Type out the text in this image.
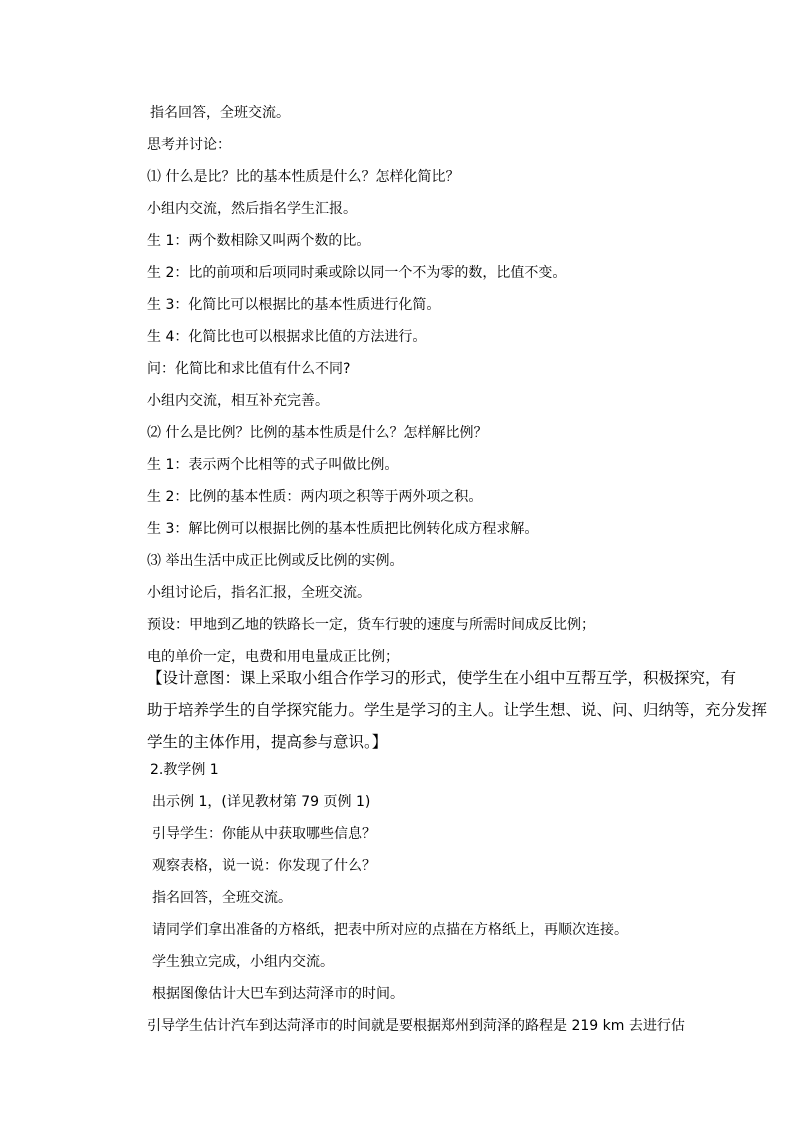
指名回答，全班交流。
思考并讨论：
⑴ 什么是比？比的基本性质是什么？怎样化简比？
小组内交流，然后指名学生汇报。
生 1：两个数相除又叫两个数的比。
生 2：比的前项和后项同时乘或除以同一个不为零的数，比值不变。
生 3：化简比可以根据比的基本性质进行化简。
生 4：化简比也可以根据求比值的方法进行。
问：化简比和求比值有什么不同?
小组内交流，相互补充完善。
⑵ 什么是比例？比例的基本性质是什么？怎样解比例？
生 1：表示两个比相等的式子叫做比例。
生 2：比例的基本性质：两内项之积等于两外项之积。
生 3：解比例可以根据比例的基本性质把比例转化成方程求解。
⑶ 举出生活中成正比例或反比例的实例。
小组讨论后，指名汇报，全班交流。
预设：甲地到乙地的铁路长一定，货车行驶的速度与所需时间成反比例；
电的单价一定，电费和用电量成正比例；
【设计意图：课上采取小组合作学习的形式，使学生在小组中互帮互学，积极探究，有
助于培养学生的自学探究能力。学生是学习的主人。让学生想、说、问、归纳等，充分发挥
学生的主体作用，提高参与意识。】
2.教学例 1
出示例 1，(详见教材第 79 页例 1)
引导学生：你能从中获取哪些信息？
观察表格，说一说：你发现了什么？
指名回答，全班交流。
请同学们拿出准备的方格纸，把表中所对应的点描在方格纸上，再顺次连接。
学生独立完成，小组内交流。
根据图像估计大巴车到达菏泽市的时间。
引导学生估计汽车到达菏泽市的时间就是要根据郑州到菏泽的路程是 219 km 去进行估
